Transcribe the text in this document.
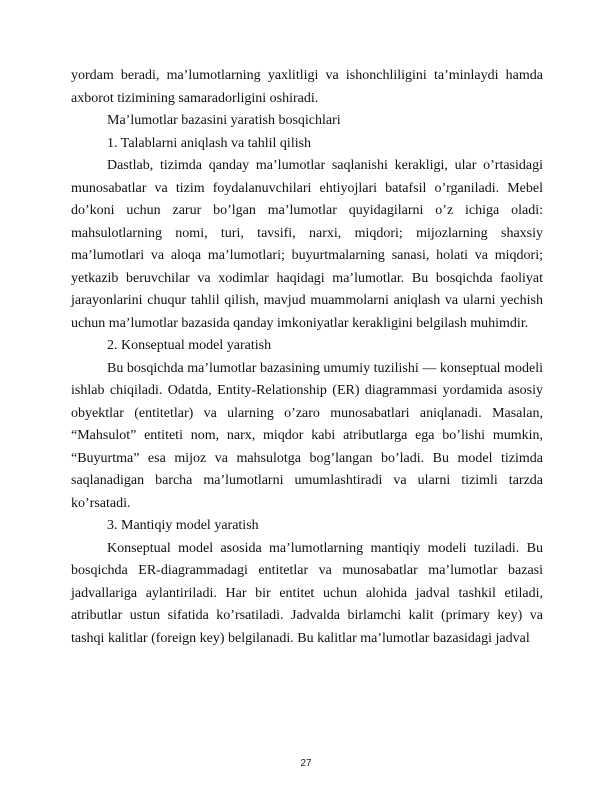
yordam beradi, ma’lumotlarning yaxlitligi va ishonchliligini ta’minlaydi hamda axborot tizimining samaradorligini oshiradi.

Ma’lumotlar bazasini yaratish bosqichlari

1. Talablarni aniqlash va tahlil qilish

Dastlab, tizimda qanday ma’lumotlar saqlanishi kerakligi, ular o’rtasidagi munosabatlar va tizim foydalanuvchilari ehtiyojlari batafsil o’rganiladi. Mebel do’koni uchun zarur bo’lgan ma’lumotlar quyidagilarni o’z ichiga oladi: mahsulotlarning nomi, turi, tavsifi, narxi, miqdori; mijozlarning shaxsiy ma’lumotlari va aloqa ma’lumotlari; buyurtmalarning sanasi, holati va miqdori; yetkazib beruvchilar va xodimlar haqidagi ma’lumotlar. Bu bosqichda faoliyat jarayonlarini chuqur tahlil qilish, mavjud muammolarni aniqlash va ularni yechish uchun ma’lumotlar bazasida qanday imkoniyatlar kerakligini belgilash muhimdir.

2. Konseptual model yaratish

Bu bosqichda ma’lumotlar bazasining umumiy tuzilishi — konseptual modeli ishlab chiqiladi. Odatda, Entity-Relationship (ER) diagrammasi yordamida asosiy obyektlar (entitetlar) va ularning o’zaro munosabatlari aniqlanadi. Masalan, “Mahsulot” entiteti nom, narx, miqdor kabi atributlarga ega bo’lishi mumkin, “Buyurtma” esa mijoz va mahsulotga bog’langan bo’ladi. Bu model tizimda saqlanadigan barcha ma’lumotlarni umumlashtiradi va ularni tizimli tarzda ko’rsatadi.

3. Mantiqiy model yaratish

Konseptual model asosida ma’lumotlarning mantiqiy modeli tuziladi. Bu bosqichda ER-diagrammadagi entitetlar va munosabatlar ma’lumotlar bazasi jadvallariga aylantiriladi. Har bir entitet uchun alohida jadval tashkil etiladi, atributlar ustun sifatida ko’rsatiladi. Jadvalda birlamchi kalit (primary key) va tashqi kalitlar (foreign key) belgilanadi. Bu kalitlar ma’lumotlar bazasidagi jadval

27
